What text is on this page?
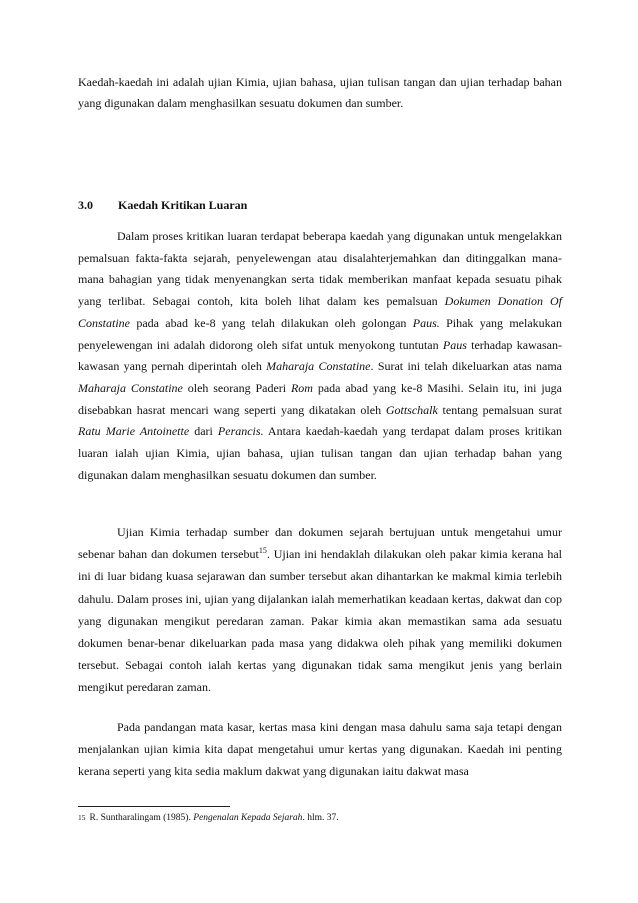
Kaedah-kaedah ini adalah ujian Kimia, ujian bahasa, ujian tulisan tangan dan ujian terhadap bahan yang digunakan dalam menghasilkan sesuatu dokumen dan sumber.

3.0 Kaedah Kritikan Luaran

Dalam proses kritikan luaran terdapat beberapa kaedah yang digunakan untuk mengelakkan pemalsuan fakta-fakta sejarah, penyelewengan atau disalahterjemahkan dan ditinggalkan mana-mana bahagian yang tidak menyenangkan serta tidak memberikan manfaat kepada sesuatu pihak yang terlibat. Sebagai contoh, kita boleh lihat dalam kes pemalsuan Dokumen Donation Of Constatine pada abad ke-8 yang telah dilakukan oleh golongan Paus. Pihak yang melakukan penyelewengan ini adalah didorong oleh sifat untuk menyokong tuntutan Paus terhadap kawasan-kawasan yang pernah diperintah oleh Maharaja Constatine. Surat ini telah dikeluarkan atas nama Maharaja Constatine oleh seorang Paderi Rom pada abad yang ke-8 Masihi. Selain itu, ini juga disebabkan hasrat mencari wang seperti yang dikatakan oleh Gottschalk tentang pemalsuan surat Ratu Marie Antoinette dari Perancis. Antara kaedah-kaedah yang terdapat dalam proses kritikan luaran ialah ujian Kimia, ujian bahasa, ujian tulisan tangan dan ujian terhadap bahan yang digunakan dalam menghasilkan sesuatu dokumen dan sumber.

Ujian Kimia terhadap sumber dan dokumen sejarah bertujuan untuk mengetahui umur sebenar bahan dan dokumen tersebut$^{15}$. Ujian ini hendaklah dilakukan oleh pakar kimia kerana hal ini di luar bidang kuasa sejarawan dan sumber tersebut akan dihantarkan ke makmal kimia terlebih dahulu. Dalam proses ini, ujian yang dijalankan ialah memerhatikan keadaan kertas, dakwat dan cop yang digunakan mengikut peredaran zaman. Pakar kimia akan memastikan sama ada sesuatu dokumen benar-benar dikeluarkan pada masa yang didakwa oleh pihak yang memiliki dokumen tersebut. Sebagai contoh ialah kertas yang digunakan tidak sama mengikut jenis yang berlain mengikut peredaran zaman.

Pada pandangan mata kasar, kertas masa kini dengan masa dahulu sama saja tetapi dengan menjalankan ujian kimia kita dapat mengetahui umur kertas yang digunakan. Kaedah ini penting kerana seperti yang kita sedia maklum dakwat yang digunakan iaitu dakwat masa

$^{15}$ R. Suntharalingam (1985). Pengenalan Kepada Sejarah. hlm. 37.
